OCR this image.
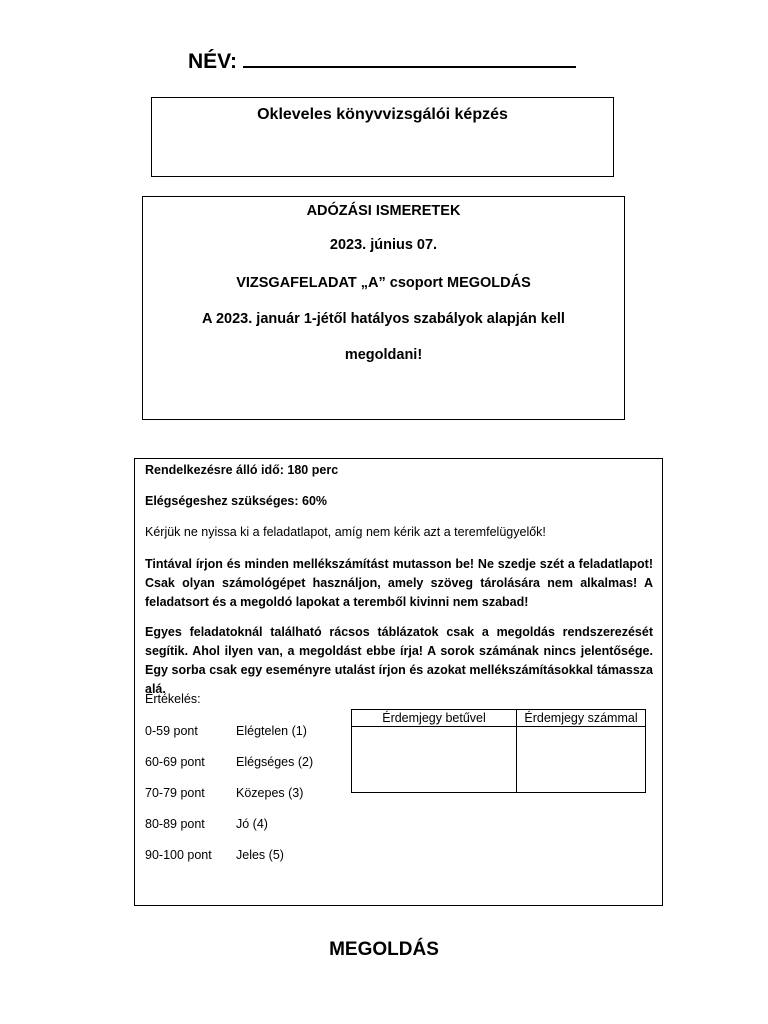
NÉV:
Okleveles könyvvizsgálói képzés
ADÓZÁSI ISMERETEK
2023. június 07.
VIZSGAFELADAT „A” csoport MEGOLDÁS
A 2023. január 1-jétől hatályos szabályok alapján kell
megoldani!
Rendelkezésre álló idő: 180 perc
Elégségeshez szükséges: 60%
Kérjük ne nyissa ki a feladatlapot, amíg nem kérik azt a teremfelügyelők!
Tintával írjon és minden mellékszámítást mutasson be! Ne szedje szét a feladatlapot! Csak olyan számológépet használjon, amely szöveg tárolására nem alkalmas! A feladatsort és a megoldó lapokat a teremből kivinni nem szabad!
Egyes feladatoknál található rácsos táblázatok csak a megoldás rendszerezését segítik. Ahol ilyen van, a megoldást ebbe írja! A sorok számának nincs jelentősége. Egy sorba csak egy eseményre utalást írjon és azokat mellékszámításokkal támassza alá.
Értékelés:
0-59 pont	Elégtelen (1)
60-69 pont Elégséges (2)
70-79 pont Közepes (3)
80-89 pont Jó (4)
90-100 pont Jeles (5)
Érdemjegy betűvel	Érdemjegy számmal

MEGOLDÁS
